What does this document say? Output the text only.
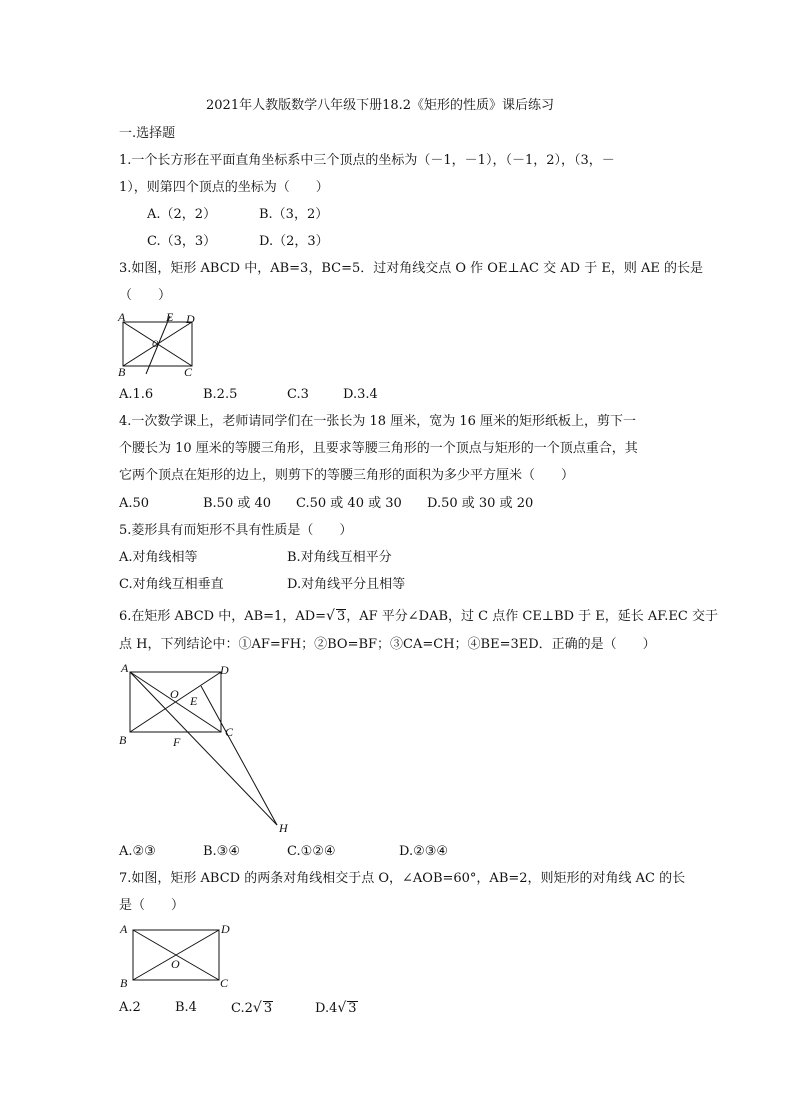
2021年人教版数学八年级下册18.2《矩形的性质》课后练习
一.选择题
1.一个长方形在平面直角坐标系中三个顶点的坐标为（－1，－1），（－1，2），（3，－
1），则第四个顶点的坐标为（　　）
A.（2，2）	B.（3，2）
C.（3，3）	D.（2，3）
3.如图，矩形 ABCD 中，AB=3，BC=5．过对角线交点 O 作 OE⊥AC 交 AD 于 E，则 AE 的长是
（　　）
A	E D
O
B	C
A.1.6	B.2.5	C.3	D.3.4
4.一次数学课上，老师请同学们在一张长为 18 厘米，宽为 16 厘米的矩形纸板上，剪下一
个腰长为 10 厘米的等腰三角形，且要求等腰三角形的一个顶点与矩形的一个顶点重合，其
它两个顶点在矩形的边上，则剪下的等腰三角形的面积为多少平方厘米（　　）
A.50	B.50 或 40 C.50 或 40 或 30 D.50 或 30 或 20
5.菱形具有而矩形不具有性质是（　　）
A.对角线相等	B.对角线互相平分
C.对角线互相垂直	D.对角线平分且相等
6.在矩形 ABCD 中，AB=1，AD=√ 3，AF 平分∠DAB，过 C 点作 CE⊥BD 于 E，延长 AF.EC 交于
点 H，下列结论中：①AF=FH；②BO=BF；③CA=CH；④BE=3ED．正确的是（　　）
A	D
O E
B	F
C
H
A.②③	B.③④	C.①②④	D.②③④
7.如图，矩形 ABCD 的两条对角线相交于点 O，∠AOB=60°，AB=2，则矩形的对角线 AC 的长
是（　　）
A	D
O
B	C
A.2	B.4	C.2√ 3	D.4√ 3
